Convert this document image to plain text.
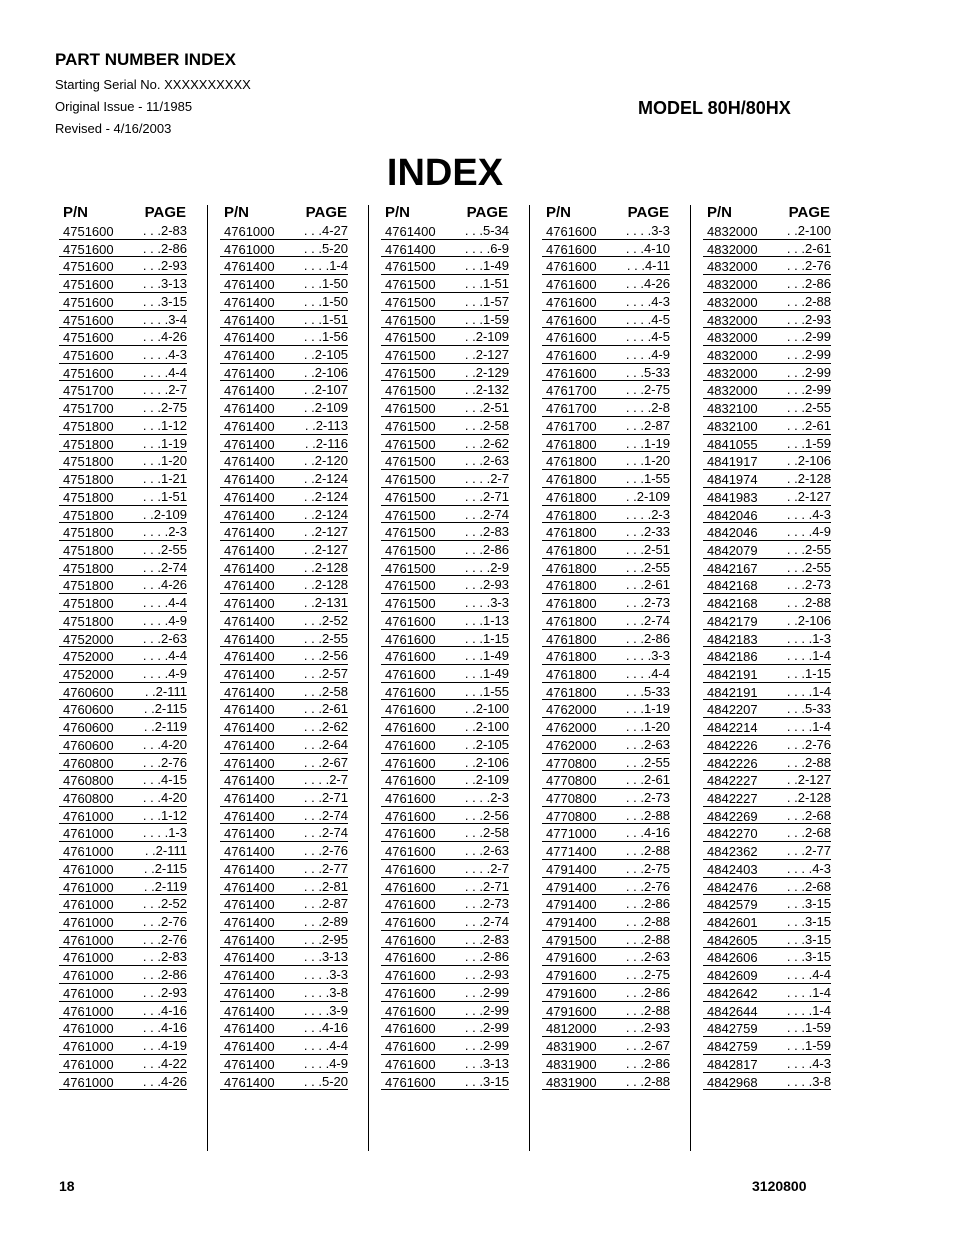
PART NUMBER INDEX
Starting Serial No. XXXXXXXXXX
Original Issue - 11/1985
Revised - 4/16/2003
MODEL 80H/80HX
INDEX
P/N	PAGE
4751600	. . .2-83
4751600	. . .2-86
4751600	. . .2-93
4751600	. . .3-13
4751600	. . .3-15
4751600	. . . .3-4
4751600	. . .4-26
4751600	. . . .4-3
4751600	. . . .4-4
4751700	. . . .2-7
4751700	. . .2-75
4751800	. . .1-12
4751800	. . .1-19
4751800	. . .1-20
4751800	. . .1-21
4751800	. . .1-51
4751800	. .2-109
4751800	. . . .2-3
4751800	. . .2-55
4751800	. . .2-74
4751800	. . .4-26
4751800	. . . .4-4
4751800	. . . .4-9
4752000	. . .2-63
4752000	. . . .4-4
4752000	. . . .4-9
4760600	. .2-111
4760600	. .2-115
4760600	. .2-119
4760600	. . .4-20
4760800	. . .2-76
4760800	. . .4-15
4760800	. . .4-20
4761000	. . .1-12
4761000	. . . .1-3
4761000	. .2-111
4761000	. .2-115
4761000	. .2-119
4761000	. . .2-52
4761000	. . .2-76
4761000	. . .2-76
4761000	. . .2-83
4761000	. . .2-86
4761000	. . .2-93
4761000	. . .4-16
4761000	. . .4-16
4761000	. . .4-19
4761000	. . .4-22
4761000	. . .4-26
P/N	PAGE
4761000	. . .4-27
4761000	. . .5-20
4761400	. . . .1-4
4761400	. . .1-50
4761400	. . .1-50
4761400	. . .1-51
4761400	. . .1-56
4761400	. .2-105
4761400	. .2-106
4761400	. .2-107
4761400	. .2-109
4761400	. .2-113
4761400	. .2-116
4761400	. .2-120
4761400	. .2-124
4761400	. .2-124
4761400	. .2-124
4761400	. .2-127
4761400	. .2-127
4761400	. .2-128
4761400	. .2-128
4761400	. .2-131
4761400	. . .2-52
4761400	. . .2-55
4761400	. . .2-56
4761400	. . .2-57
4761400	. . .2-58
4761400	. . .2-61
4761400	. . .2-62
4761400	. . .2-64
4761400	. . .2-67
4761400	. . . .2-7
4761400	. . .2-71
4761400	. . .2-74
4761400	. . .2-74
4761400	. . .2-76
4761400	. . .2-77
4761400	. . .2-81
4761400	. . .2-87
4761400	. . .2-89
4761400	. . .2-95
4761400	. . .3-13
4761400	. . . .3-3
4761400	. . . .3-8
4761400	. . . .3-9
4761400	. . .4-16
4761400	. . . .4-4
4761400	. . . .4-9
4761400	. . .5-20
P/N	PAGE
4761400	. . .5-34
4761400	. . . .6-9
4761500	. . .1-49
4761500	. . .1-51
4761500	. . .1-57
4761500	. . .1-59
4761500	. .2-109
4761500	. .2-127
4761500	. .2-129
4761500	. .2-132
4761500	. . .2-51
4761500	. . .2-58
4761500	. . .2-62
4761500	. . .2-63
4761500	. . . .2-7
4761500	. . .2-71
4761500	. . .2-74
4761500	. . .2-83
4761500	. . .2-86
4761500	. . . .2-9
4761500	. . .2-93
4761500	. . . .3-3
4761600	. . .1-13
4761600	. . .1-15
4761600	. . .1-49
4761600	. . .1-49
4761600	. . .1-55
4761600	. .2-100
4761600	. .2-100
4761600	. .2-105
4761600	. .2-106
4761600	. .2-109
4761600	. . . .2-3
4761600	. . .2-56
4761600	. . .2-58
4761600	. . .2-63
4761600	. . . .2-7
4761600	. . .2-71
4761600	. . .2-73
4761600	. . .2-74
4761600	. . .2-83
4761600	. . .2-86
4761600	. . .2-93
4761600	. . .2-99
4761600	. . .2-99
4761600	. . .2-99
4761600	. . .2-99
4761600	. . .3-13
4761600	. . .3-15
P/N	PAGE
4761600	. . . .3-3
4761600	. . .4-10
4761600	. . .4-11
4761600	. . .4-26
4761600	. . . .4-3
4761600	. . . .4-5
4761600	. . . .4-5
4761600	. . . .4-9
4761600	. . .5-33
4761700	. . .2-75
4761700	. . . .2-8
4761700	. . .2-87
4761800	. . .1-19
4761800	. . .1-20
4761800	. . .1-55
4761800	. .2-109
4761800	. . . .2-3
4761800	. . .2-33
4761800	. . .2-51
4761800	. . .2-55
4761800	. . .2-61
4761800	. . .2-73
4761800	. . .2-74
4761800	. . .2-86
4761800	. . . .3-3
4761800	. . . .4-4
4761800	. . .5-33
4762000	. . .1-19
4762000	. . .1-20
4762000	. . .2-63
4770800	. . .2-55
4770800	. . .2-61
4770800	. . .2-73
4770800	. . .2-88
4771000	. . .4-16
4771400	. . .2-88
4791400	. . .2-75
4791400	. . .2-76
4791400	. . .2-86
4791400	. . .2-88
4791500	. . .2-88
4791600	. . .2-63
4791600	. . .2-75
4791600	. . .2-86
4791600	. . .2-88
4812000	. . .2-93
4831900	. . .2-67
4831900	. . .2-86
4831900	. . .2-88
P/N	PAGE
4832000	. .2-100
4832000	. . .2-61
4832000	. . .2-76
4832000	. . .2-86
4832000	. . .2-88
4832000	. . .2-93
4832000	. . .2-99
4832000	. . .2-99
4832000	. . .2-99
4832000	. . .2-99
4832100	. . .2-55
4832100	. . .2-61
4841055	. . .1-59
4841917	. .2-106
4841974	. .2-128
4841983	. .2-127
4842046	. . . .4-3
4842046	. . . .4-9
4842079	. . .2-55
4842167	. . .2-55
4842168	. . .2-73
4842168	. . .2-88
4842179	. .2-106
4842183	. . . .1-3
4842186	. . . .1-4
4842191	. . .1-15
4842191	. . . .1-4
4842207	. . .5-33
4842214	. . . .1-4
4842226	. . .2-76
4842226	. . .2-88
4842227	. .2-127
4842227	. .2-128
4842269	. . .2-68
4842270	. . .2-68
4842362	. . .2-77
4842403	. . . .4-3
4842476	. . .2-68
4842579	. . .3-15
4842601	. . .3-15
4842605	. . .3-15
4842606	. . .3-15
4842609	. . . .4-4
4842642	. . . .1-4
4842644	. . . .1-4
4842759	. . .1-59
4842759	. . .1-59
4842817	. . . .4-3
4842968	. . . .3-8
18	3120800
